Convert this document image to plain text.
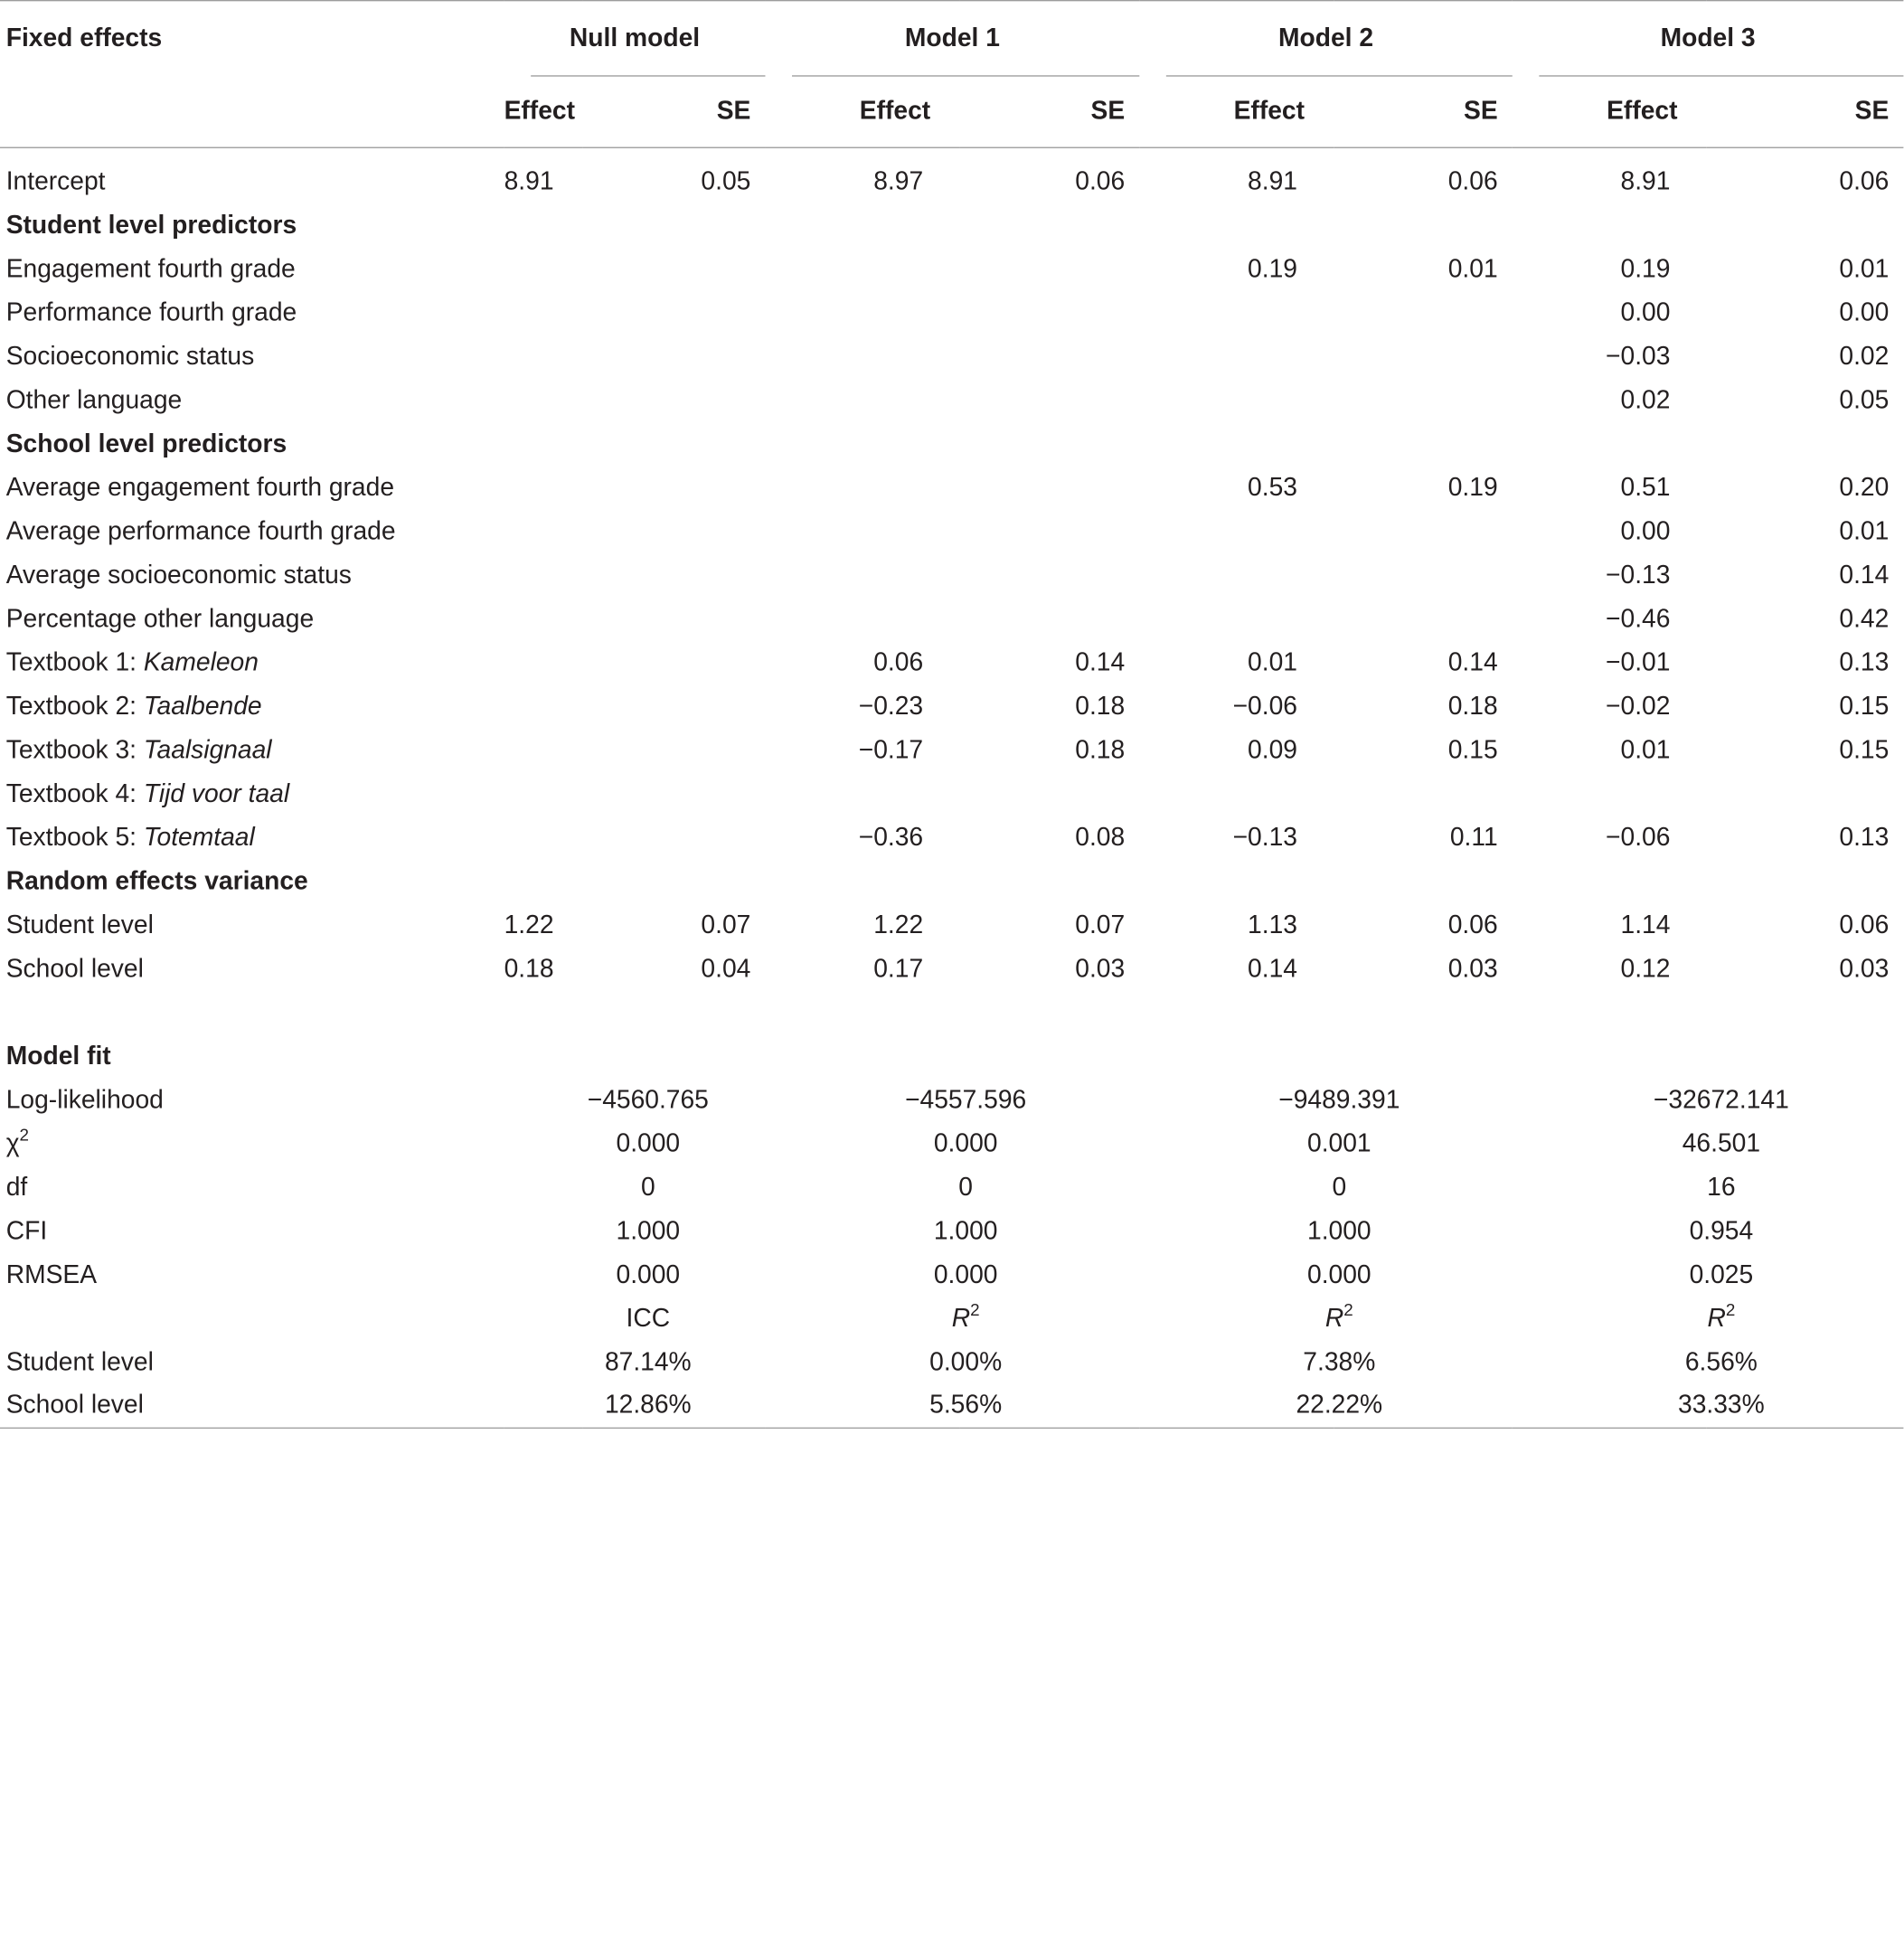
Fixed effects	Null model		Model 1		Model 2		Model 3	

	Effect	SE	Effect	SE	Effect	SE	Effect	SE

Intercept	8.91	0.05	8.97	0.06	8.91	0.06	8.91	0.06
Student level predictors								
Engagement fourth grade					0.19	0.01	0.19	0.01
Performance fourth grade							0.00	0.00
Socioeconomic status							−0.03	0.02
Other language							0.02	0.05
School level predictors								
Average engagement fourth grade					0.53	0.19	0.51	0.20
Average performance fourth grade							0.00	0.01
Average socioeconomic status							−0.13	0.14
Percentage other language							−0.46	0.42
Textbook 1: Kameleon			0.06	0.14	0.01	0.14	−0.01	0.13
Textbook 2: Taalbende			−0.23	0.18	−0.06	0.18	−0.02	0.15
Textbook 3: Taalsignaal			−0.17	0.18	0.09	0.15	0.01	0.15
Textbook 4: Tijd voor taal								
Textbook 5: Totemtaal			−0.36	0.08	−0.13	0.11	−0.06	0.13
Random effects variance								
Student level	1.22	0.07	1.22	0.07	1.13	0.06	1.14	0.06
School level	0.18	0.04	0.17	0.03	0.14	0.03	0.12	0.03

Model fit								
Log-likelihood	−4560.765		−4557.596		−9489.391		−32672.141	
$\chi^2$	0.000		0.000		0.001		46.501	
df	0		0		0		16	
CFI	1.000		1.000		1.000		0.954	
RMSEA	0.000		0.000		0.000		0.025	
	ICC		$R^2$		$R^2$		$R^2$
Student level	87.14%		0.00%		7.38%		6.56%	
School level	12.86%		5.56%		22.22%		33.33%	
